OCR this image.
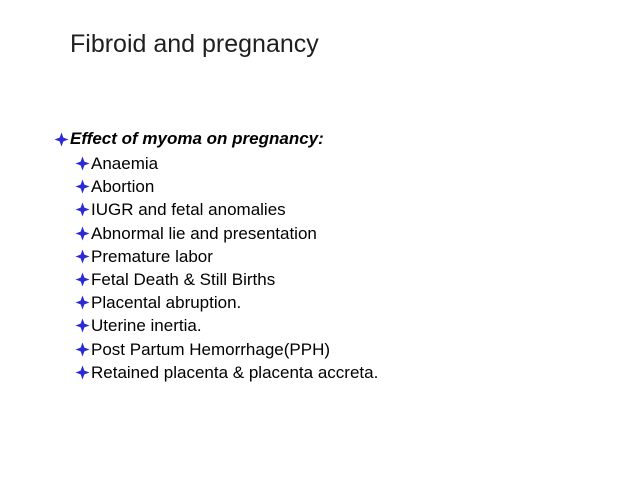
Fibroid and pregnancy
Effect of myoma on pregnancy:
Anaemia
Abortion
IUGR and fetal anomalies
Abnormal lie and presentation
Premature labor
Fetal Death & Still Births
Placental abruption.
Uterine inertia.
Post Partum Hemorrhage(PPH)
Retained placenta & placenta accreta.
